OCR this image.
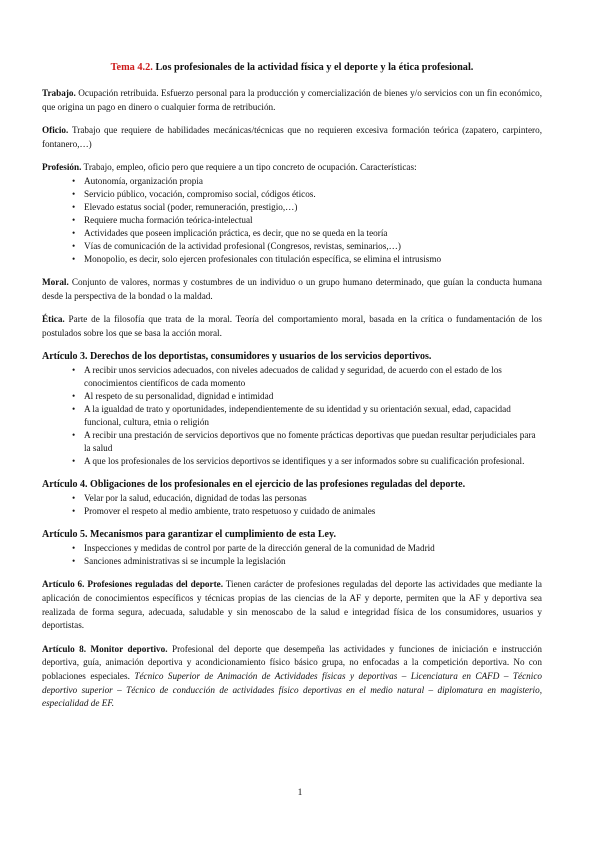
Tema 4.2. Los profesionales de la actividad física y el deporte y la ética profesional.

Trabajo. Ocupación retribuida. Esfuerzo personal para la producción y comercialización de bienes y/o servicios con un fin económico, que origina un pago en dinero o cualquier forma de retribución.

Oficio. Trabajo que requiere de habilidades mecánicas/técnicas que no requieren excesiva formación teórica (zapatero, carpintero, fontanero,…)

Profesión. Trabajo, empleo, oficio pero que requiere a un tipo concreto de ocupación. Características:

• Autonomía, organización propia
• Servicio público, vocación, compromiso social, códigos éticos.
• Elevado estatus social (poder, remuneración, prestigio,…)
• Requiere mucha formación teórica-intelectual
• Actividades que poseen implicación práctica, es decir, que no se queda en la teoría
• Vías de comunicación de la actividad profesional (Congresos, revistas, seminarios,…)
• Monopolio, es decir, solo ejercen profesionales con titulación específica, se elimina el intrusismo

Moral. Conjunto de valores, normas y costumbres de un individuo o un grupo humano determinado, que guían la conducta humana desde la perspectiva de la bondad o la maldad.

Ética. Parte de la filosofía que trata de la moral. Teoría del comportamiento moral, basada en la crítica o fundamentación de los postulados sobre los que se basa la acción moral.

Artículo 3. Derechos de los deportistas, consumidores y usuarios de los servicios deportivos.
• A recibir unos servicios adecuados, con niveles adecuados de calidad y seguridad, de acuerdo con el estado de los conocimientos científicos de cada momento
• Al respeto de su personalidad, dignidad e intimidad
• A la igualdad de trato y oportunidades, independientemente de su identidad y su orientación sexual, edad, capacidad funcional, cultura, etnia o religión
• A recibir una prestación de servicios deportivos que no fomente prácticas deportivas que puedan resultar perjudiciales para la salud
• A que los profesionales de los servicios deportivos se identifiques y a ser informados sobre su cualificación profesional.
Artículo 4. Obligaciones de los profesionales en el ejercicio de las profesiones reguladas del deporte.
• Velar por la salud, educación, dignidad de todas las personas
• Promover el respeto al medio ambiente, trato respetuoso y cuidado de animales
Artículo 5. Mecanismos para garantizar el cumplimiento de esta Ley.
• Inspecciones y medidas de control por parte de la dirección general de la comunidad de Madrid
• Sanciones administrativas si se incumple la legislación

Artículo 6. Profesiones reguladas del deporte. Tienen carácter de profesiones reguladas del deporte las actividades que mediante la aplicación de conocimientos específicos y técnicas propias de las ciencias de la AF y deporte, permiten que la AF y deportiva sea realizada de forma segura, adecuada, saludable y sin menoscabo de la salud e integridad física de los consumidores, usuarios y deportistas.

Artículo 8. Monitor deportivo. Profesional del deporte que desempeña las actividades y funciones de iniciación e instrucción deportiva, guía, animación deportiva y acondicionamiento físico básico grupa, no enfocadas a la competición deportiva. No con poblaciones especiales. Técnico Superior de Animación de Actividades físicas y deportivas – Licenciatura en CAFD – Técnico deportivo superior – Técnico de conducción de actividades físico deportivas en el medio natural – diplomatura en magisterio, especialidad de EF.

1
